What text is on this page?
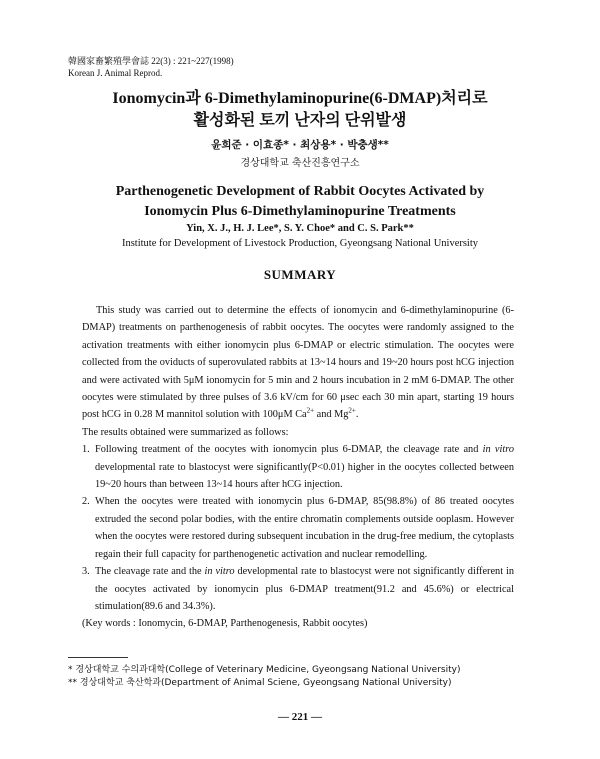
韓國家畜繁殖學會誌 22(3) : 221~227(1998)
Korean J. Animal Reprod.
Ionomycin과 6-Dimethylaminopurine(6-DMAP)처리로
활성화된 토끼 난자의 단위발생
윤희준 · 이효종* · 최상용* · 박충생**
경상대학교 축산진흥연구소
Parthenogenetic Development of Rabbit Oocytes Activated by
Ionomycin Plus 6-Dimethylaminopurine Treatments
Yin, X. J., H. J. Lee*, S. Y. Choe* and C. S. Park**
Institute for Development of Livestock Production, Gyeongsang National University
SUMMARY

This study was carried out to determine the effects of ionomycin and 6-dimethylaminopurine (6-DMAP) treatments on parthenogenesis of rabbit oocytes. The oocytes were randomly assigned to the activation treatments with either ionomycin plus 6-DMAP or electric stimulation. The oocytes were collected from the oviducts of superovulated rabbits at 13~14 hours and 19~20 hours post hCG injection and were activated with 5μM ionomycin for 5 min and 2 hours incubation in 2 mM 6-DMAP. The other oocytes were stimulated by three pulses of 3.6 kV/cm for 60 μsec each 30 min apart, starting 19 hours post hCG in 0.28 M mannitol solution with 100μM $Ca^{2+}$ and $Mg^{2+}$.

The results obtained were summarized as follows:

1. Following treatment of the oocytes with ionomycin plus 6-DMAP, the cleavage rate and in vitro developmental rate to blastocyst were significantly(P<0.01) higher in the oocytes collected between 19~20 hours than between 13~14 hours after hCG injection.
2. When the oocytes were treated with ionomycin plus 6-DMAP, 85(98.8%) of 86 treated oocytes extruded the second polar bodies, with the entire chromatin complements outside ooplasm. However when the oocytes were restored during subsequent incubation in the drug-free medium, the cytoplasts regain their full capacity for parthenogenetic activation and nuclear remodelling.
3. The cleavage rate and the in vitro developmental rate to blastocyst were not significantly different in the oocytes activated by ionomycin plus 6-DMAP treatment(91.2 and 45.6%) or electrical stimulation(89.6 and 34.3%).

(Key words : Ionomycin, 6-DMAP, Parthenogenesis, Rabbit oocytes)

* 경상대학교 수의과대학(College of Veterinary Medicine, Gyeongsang National University)
** 경상대학교 축산학과(Department of Animal Sciene, Gyeongsang National University)
— 221 —
